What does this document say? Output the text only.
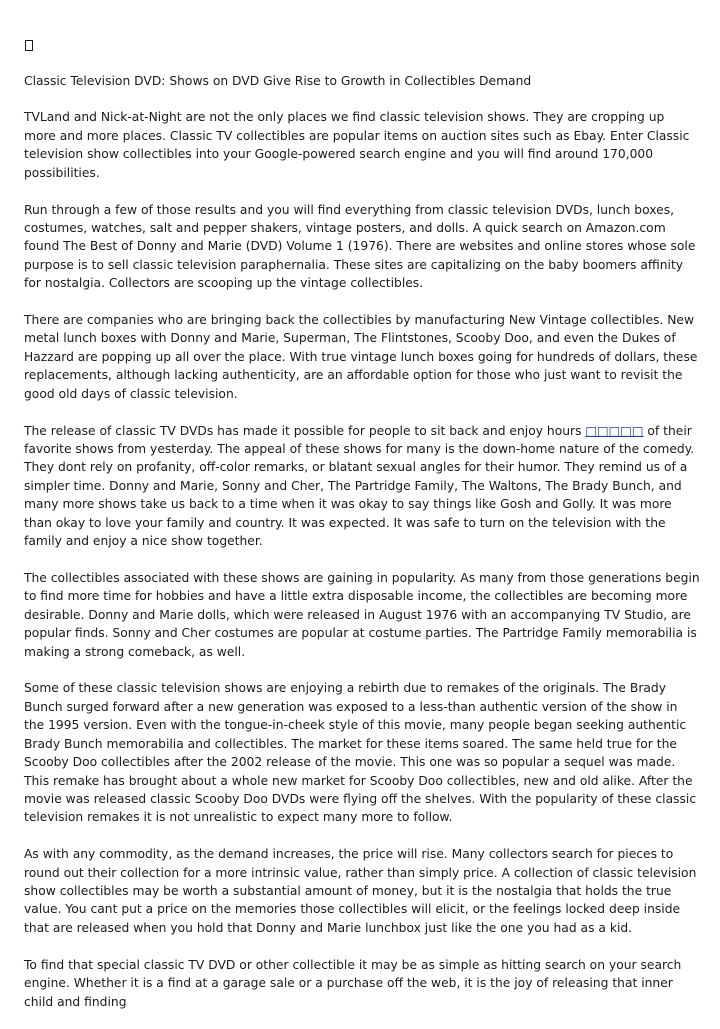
Classic Television DVD: Shows on DVD Give Rise to Growth in Collectibles Demand

TVLand and Nick-at-Night are not the only places we find classic television shows. They are cropping up more and more places. Classic TV collectibles are popular items on auction sites such as Ebay. Enter Classic television show collectibles into your Google-powered search engine and you will find around 170,000 possibilities.

Run through a few of those results and you will find everything from classic television DVDs, lunch boxes, costumes, watches, salt and pepper shakers, vintage posters, and dolls. A quick search on Amazon.com found The Best of Donny and Marie (DVD) Volume 1 (1976). There are websites and online stores whose sole purpose is to sell classic television paraphernalia. These sites are capitalizing on the baby boomers affinity for nostalgia. Collectors are scooping up the vintage collectibles.

There are companies who are bringing back the collectibles by manufacturing New Vintage collectibles. New metal lunch boxes with Donny and Marie, Superman, The Flintstones, Scooby Doo, and even the Dukes of Hazzard are popping up all over the place. With true vintage lunch boxes going for hundreds of dollars, these replacements, although lacking authenticity, are an affordable option for those who just want to revisit the good old days of classic television.

The release of classic TV DVDs has made it possible for people to sit back and enjoy hours □□□□□ of their favorite shows from yesterday. The appeal of these shows for many is the down-home nature of the comedy. They dont rely on profanity, off-color remarks, or blatant sexual angles for their humor. They remind us of a simpler time. Donny and Marie, Sonny and Cher, The Partridge Family, The Waltons, The Brady Bunch, and many more shows take us back to a time when it was okay to say things like Gosh and Golly. It was more than okay to love your family and country. It was expected. It was safe to turn on the television with the family and enjoy a nice show together.

The collectibles associated with these shows are gaining in popularity. As many from those generations begin to find more time for hobbies and have a little extra disposable income, the collectibles are becoming more desirable. Donny and Marie dolls, which were released in August 1976 with an accompanying TV Studio, are popular finds. Sonny and Cher costumes are popular at costume parties. The Partridge Family memorabilia is making a strong comeback, as well.

Some of these classic television shows are enjoying a rebirth due to remakes of the originals. The Brady Bunch surged forward after a new generation was exposed to a less-than authentic version of the show in the 1995 version. Even with the tongue-in-cheek style of this movie, many people began seeking authentic Brady Bunch memorabilia and collectibles. The market for these items soared. The same held true for the Scooby Doo collectibles after the 2002 release of the movie. This one was so popular a sequel was made. This remake has brought about a whole new market for Scooby Doo collectibles, new and old alike. After the movie was released classic Scooby Doo DVDs were flying off the shelves. With the popularity of these classic television remakes it is not unrealistic to expect many more to follow.

As with any commodity, as the demand increases, the price will rise. Many collectors search for pieces to round out their collection for a more intrinsic value, rather than simply price. A collection of classic television show collectibles may be worth a substantial amount of money, but it is the nostalgia that holds the true value. You cant put a price on the memories those collectibles will elicit, or the feelings locked deep inside that are released when you hold that Donny and Marie lunchbox just like the one you had as a kid.

To find that special classic TV DVD or other collectible it may be as simple as hitting search on your search engine. Whether it is a find at a garage sale or a purchase off the web, it is the joy of releasing that inner child and finding
